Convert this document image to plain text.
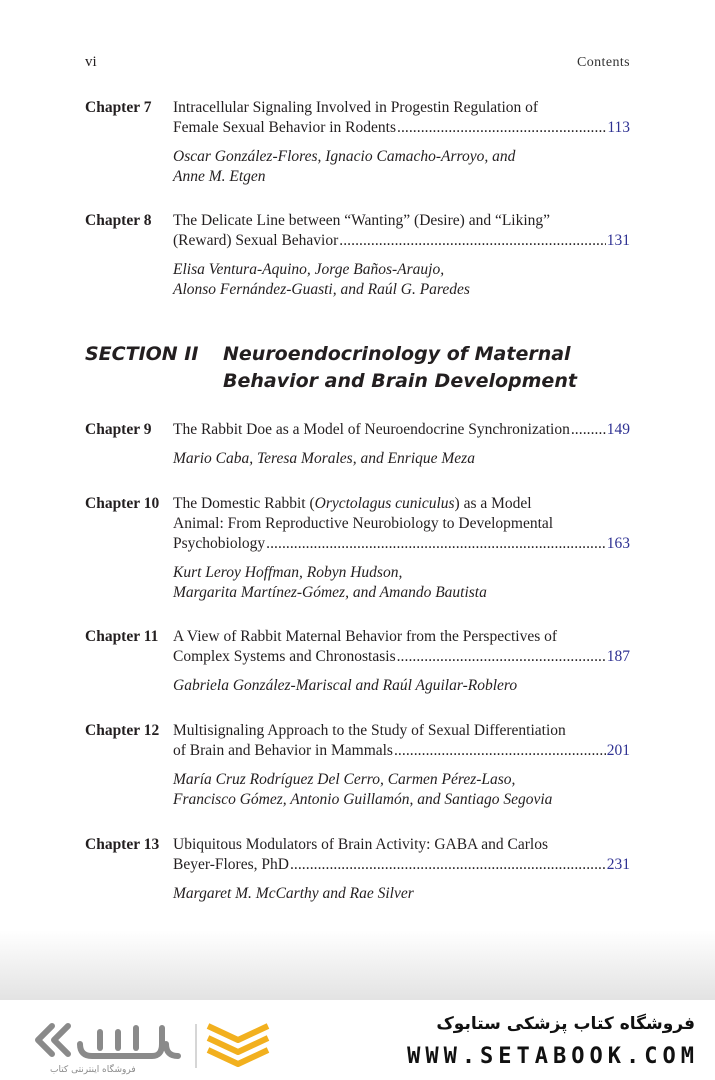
vi	Contents
Chapter 7 Intracellular Signaling Involved in Progestin Regulation of
Female Sexual Behavior in Rodents . . .	113
Oscar González-Flores, Ignacio Camacho-Arroyo, and
Anne M. Etgen
Chapter 8 The Delicate Line between “Wanting” (Desire) and “Liking”
(Reward) Sexual Behavior . . .	131
Elisa Ventura-Aquino, Jorge Baños-Araujo,
Alonso Fernández-Guasti, and Raúl G. Paredes
SECTION II Neuroendocrinology of Maternal
Behavior and Brain Development
Chapter 9 The Rabbit Doe as a Model of Neuroendocrine Synchronization . . . 149
Mario Caba, Teresa Morales, and Enrique Meza
Chapter 10 The Domestic Rabbit (Oryctolagus cuniculus) as a Model
Animal: From Reproductive Neurobiology to Developmental
Psychobiology . . .	163
Kurt Leroy Hoffman, Robyn Hudson,
Margarita Martínez-Gómez, and Amando Bautista
Chapter 11 A View of Rabbit Maternal Behavior from the Perspectives of
Complex Systems and Chronostasis . . .	187
Gabriela González-Mariscal and Raúl Aguilar-Roblero
Chapter 12 Multisignaling Approach to the Study of Sexual Differentiation
of Brain and Behavior in Mammals . . .	201
María Cruz Rodríguez Del Cerro, Carmen Pérez-Laso,
Francisco Gómez, Antonio Guillamón, and Santiago Segovia
Chapter 13 Ubiquitous Modulators of Brain Activity: GABA and Carlos
Beyer-Flores, PhD . . .	231
Margaret M. McCarthy and Rae Silver
فروشگاه اینترنتی کتاب
فروشگاه کتاب پزشکی ستابوک
WWW.SETABOOK.COM
